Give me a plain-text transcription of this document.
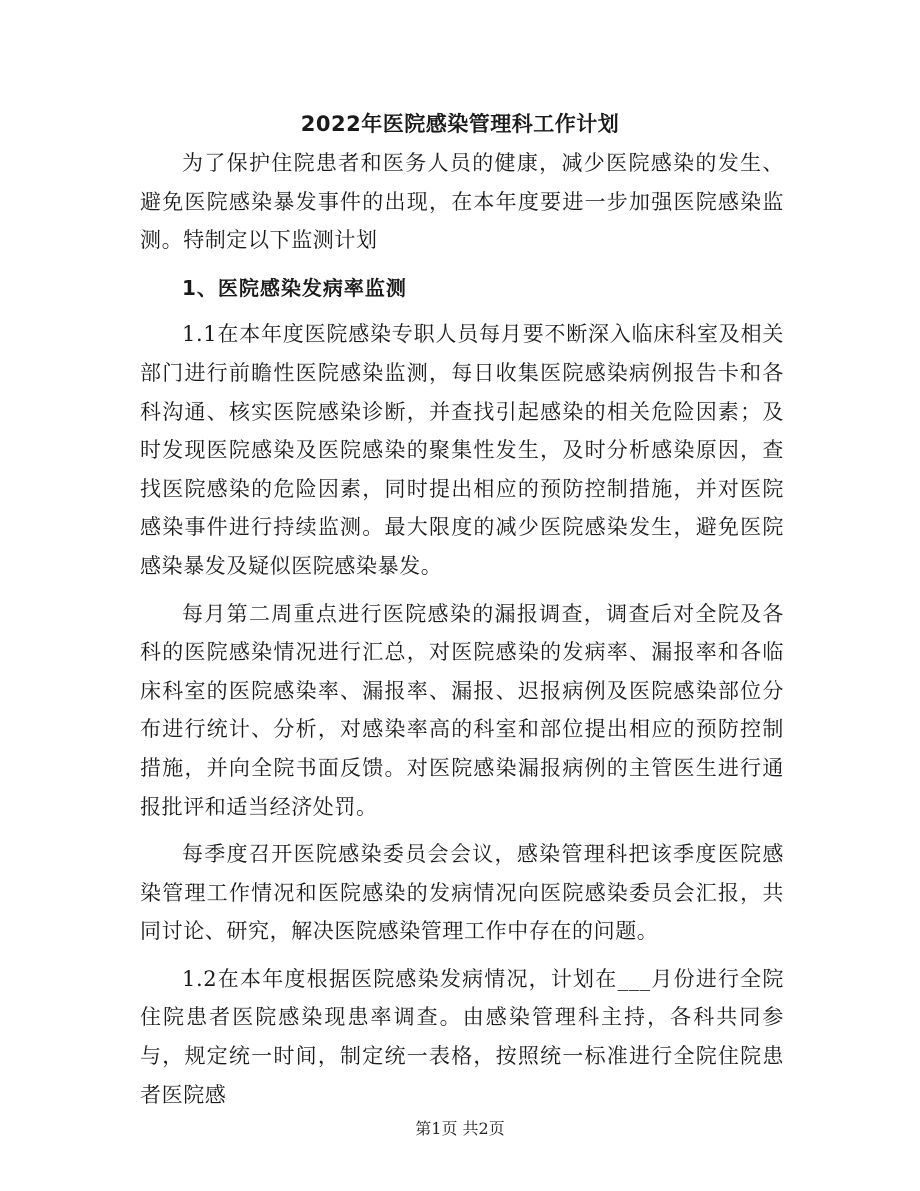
2022年医院感染管理科工作计划

为了保护住院患者和医务人员的健康，减少医院感染的发生、避免医院感染暴发事件的出现，在本年度要进一步加强医院感染监测。特制定以下监测计划

1、医院感染发病率监测

1.1在本年度医院感染专职人员每月要不断深入临床科室及相关部门进行前瞻性医院感染监测，每日收集医院感染病例报告卡和各科沟通、核实医院感染诊断，并查找引起感染的相关危险因素；及时发现医院感染及医院感染的聚集性发生，及时分析感染原因，查找医院感染的危险因素，同时提出相应的预防控制措施，并对医院感染事件进行持续监测。最大限度的减少医院感染发生，避免医院感染暴发及疑似医院感染暴发。

每月第二周重点进行医院感染的漏报调查，调查后对全院及各科的医院感染情况进行汇总，对医院感染的发病率、漏报率和各临床科室的医院感染率、漏报率、漏报、迟报病例及医院感染部位分布进行统计、分析，对感染率高的科室和部位提出相应的预防控制措施，并向全院书面反馈。对医院感染漏报病例的主管医生进行通报批评和适当经济处罚。

每季度召开医院感染委员会会议，感染管理科把该季度医院感染管理工作情况和医院感染的发病情况向医院感染委员会汇报，共同讨论、研究，解决医院感染管理工作中存在的问题。

1.2在本年度根据医院感染发病情况，计划在___月份进行全院住院患者医院感染现患率调查。由感染管理科主持，各科共同参与，规定统一时间，制定统一表格，按照统一标准进行全院住院患者医院感

第1页 共2页
